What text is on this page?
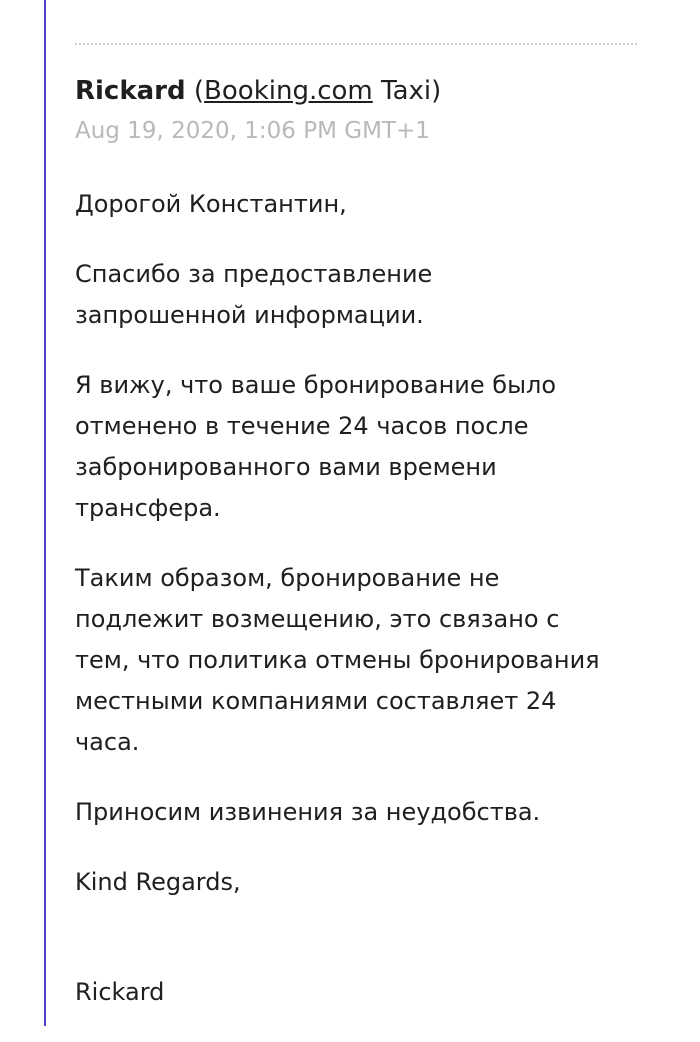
Rickard (Booking.com Taxi)
Aug 19, 2020, 1:06 PM GMT+1

Дорогой Константин,

Спасибо за предоставление
запрошенной информации.

Я вижу, что ваше бронирование было
отменено в течение 24 часов после
забронированного вами времени
трансфера.

Таким образом, бронирование не
подлежит возмещению, это связано с
тем, что политика отмены бронирования
местными компаниями составляет 24
часа.

Приносим извинения за неудобства.

Kind Regards,

Rickard
